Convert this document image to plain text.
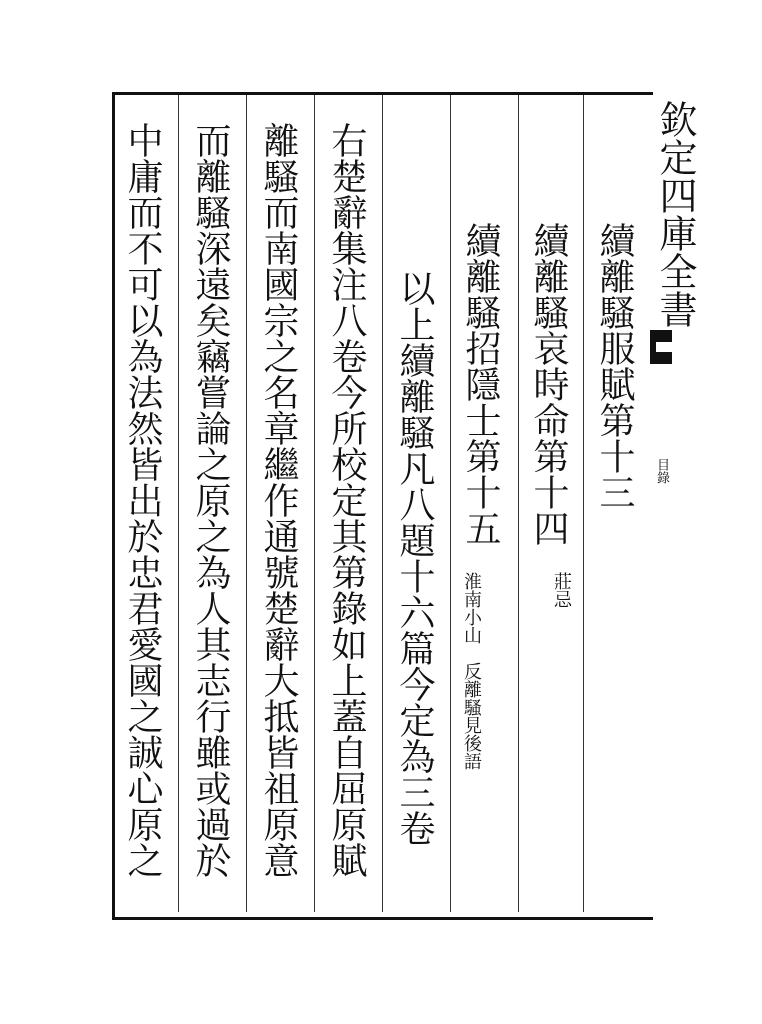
欽定四庫全書
目錄
續離騷服賦第十三
續離騷哀時命第十四
莊忌
續離騷招隱士第十五
淮南小山　反離騷見後語
以上續離騷凡八題十六篇今定為三卷
右楚辭集注八卷今所校定其第錄如上蓋自屈原賦
離騷而南國宗之名章繼作通號楚辭大抵皆祖原意
而離騷深遠矣竊嘗論之原之為人其志行雖或過於
中庸而不可以為法然皆出於忠君愛國之誠心原之
